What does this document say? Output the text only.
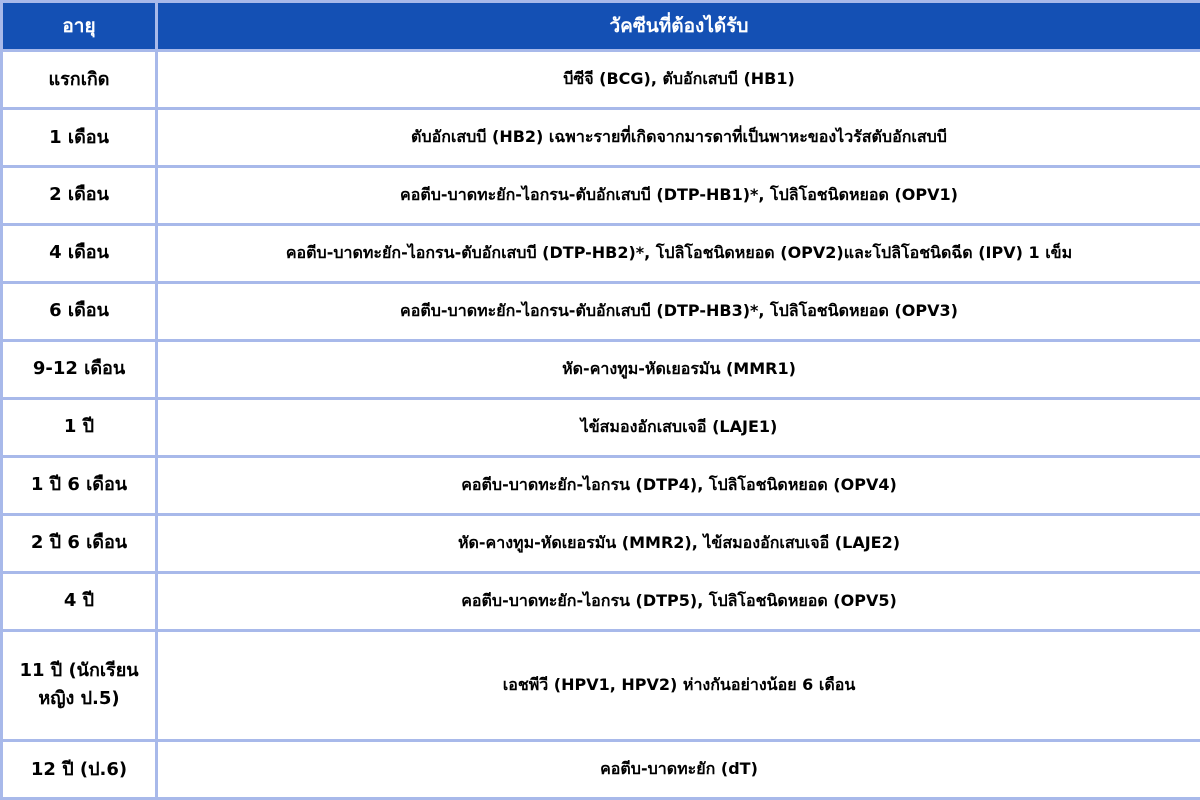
อายุ	วัคซีนที่ต้องได้รับ
แรกเกิด	บีซีจี (BCG), ตับอักเสบบี (HB1)
1 เดือน	ตับอักเสบบี (HB2) เฉพาะรายที่เกิดจากมารดาที่เป็นพาหะของไวรัสตับอักเสบบี
2 เดือน	คอตีบ-บาดทะยัก-ไอกรน-ตับอักเสบบี (DTP-HB1)*, โปลิโอชนิดหยอด (OPV1)
4 เดือน	คอตีบ-บาดทะยัก-ไอกรน-ตับอักเสบบี (DTP-HB2)*, โปลิโอชนิดหยอด (OPV2)และโปลิโอชนิดฉีด (IPV) 1 เข็ม
6 เดือน	คอตีบ-บาดทะยัก-ไอกรน-ตับอักเสบบี (DTP-HB3)*, โปลิโอชนิดหยอด (OPV3)
9-12 เดือน	หัด-คางทูม-หัดเยอรมัน (MMR1)
1 ปี	ไข้สมองอักเสบเจอี (LAJE1)
1 ปี 6 เดือน	คอตีบ-บาดทะยัก-ไอกรน (DTP4), โปลิโอชนิดหยอด (OPV4)
2 ปี 6 เดือน	หัด-คางทูม-หัดเยอรมัน (MMR2), ไข้สมองอักเสบเจอี (LAJE2)
4 ปี	คอตีบ-บาดทะยัก-ไอกรน (DTP5), โปลิโอชนิดหยอด (OPV5)
11 ปี (นักเรียนหญิง ป.5)	เอชพีวี (HPV1, HPV2) ห่างกันอย่างน้อย 6 เดือน
12 ปี (ป.6)	คอตีบ-บาดทะยัก (dT)
